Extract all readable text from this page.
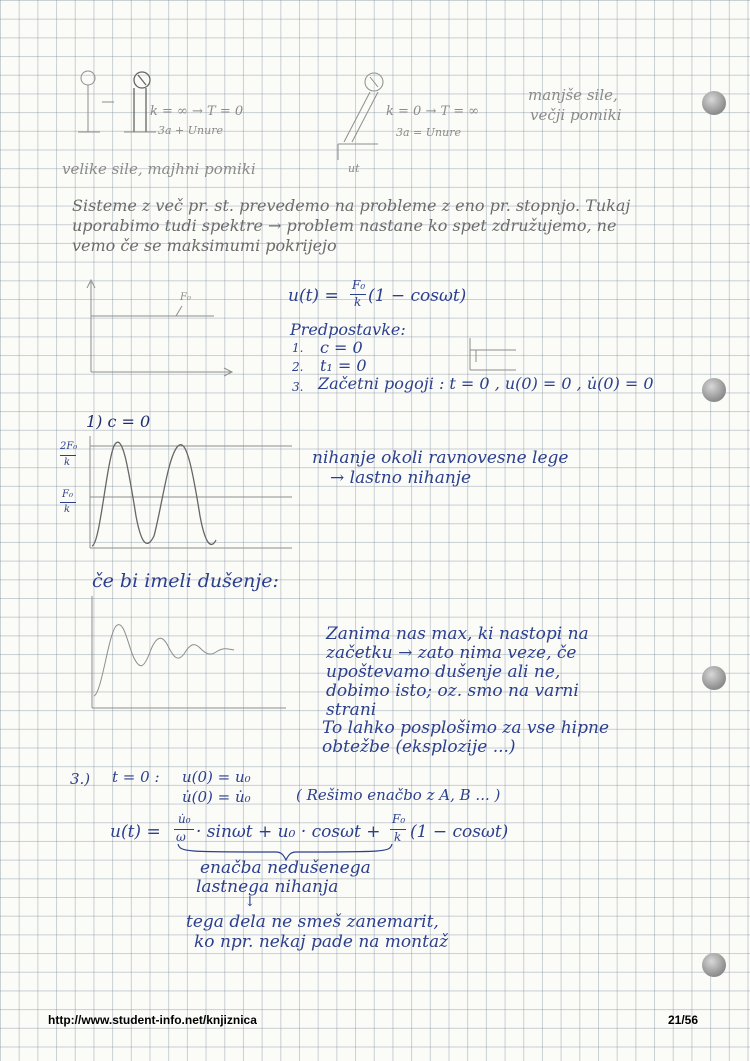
k = ∞ → T = 0
3a + Unure
k = 0 → T = ∞
3a = Unure
ut
manjše sile,
večji pomiki
velike sile, majhni pomiki
Sisteme z več pr. st. prevedemo na probleme z eno pr. stopnjo. Tukaj
uporabimo tudi spektre → problem nastane ko spet združujemo, ne
vemo če se maksimumi pokrijejo
F₀	u(t) =
F₀
k (1 − cosωt)
Predpostavke:
1. c = 0
2. t₁ = 0
3. Začetni pogoji : t = 0 , u(0) = 0 , u̇(0) = 0
1) c = 0
2F₀
k
F₀
k
nihanje okoli ravnovesne lege
→ lastno nihanje
če bi imeli dušenje:
Zanima nas max, ki nastopi na
začetku → zato nima veze, če
upoštevamo dušenje ali ne,
dobimo isto; oz. smo na varni
strani
To lahko posplošimo za vse hipne
obtežbe (eksplozije ...)
3.) t = 0 : u(0) = u₀
u̇(0) = u̇₀	( Rešimo enačbo z A, B ... )
u(t) =
u̇₀
ω · sinωt + u₀ · cosωt +
F₀
k (1 − cosωt)
enačba nedušenega
lastnega nihanja
↓
tega dela ne smeš zanemarit,
ko npr. nekaj pade na montaž
http://www.student-info.net/knjiznica	21/56
